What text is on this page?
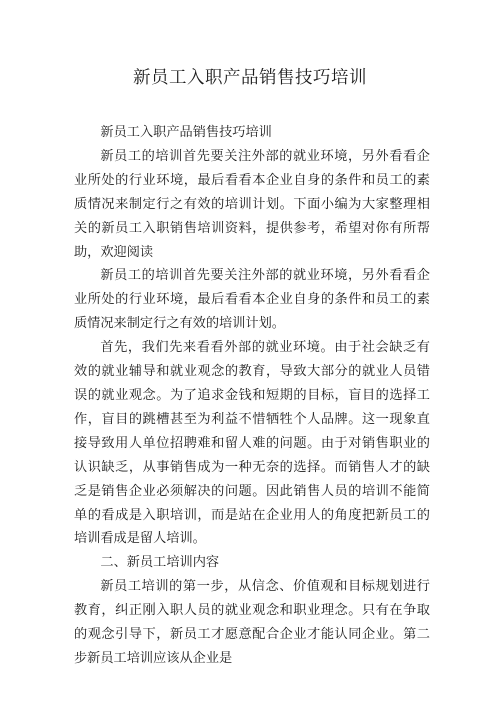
新员工入职产品销售技巧培训

新员工入职产品销售技巧培训

新员工的培训首先要关注外部的就业环境，另外看看企业所处的行业环境，最后看看本企业自身的条件和员工的素质情况来制定行之有效的培训计划。下面小编为大家整理相关的新员工入职销售培训资料，提供参考，希望对你有所帮助，欢迎阅读

新员工的培训首先要关注外部的就业环境，另外看看企业所处的行业环境，最后看看本企业自身的条件和员工的素质情况来制定行之有效的培训计划。

首先，我们先来看看外部的就业环境。由于社会缺乏有效的就业辅导和就业观念的教育，导致大部分的就业人员错误的就业观念。为了追求金钱和短期的目标，盲目的选择工作，盲目的跳槽甚至为利益不惜牺牲个人品牌。这一现象直接导致用人单位招聘难和留人难的问题。由于对销售职业的认识缺乏，从事销售成为一种无奈的选择。而销售人才的缺乏是销售企业必须解决的问题。因此销售人员的培训不能简单的看成是入职培训，而是站在企业用人的角度把新员工的培训看成是留人培训。

二、新员工培训内容

新员工培训的第一步，从信念、价值观和目标规划进行教育，纠正刚入职人员的就业观念和职业理念。只有在争取的观念引导下，新员工才愿意配合企业才能认同企业。第二步新员工培训应该从企业是
